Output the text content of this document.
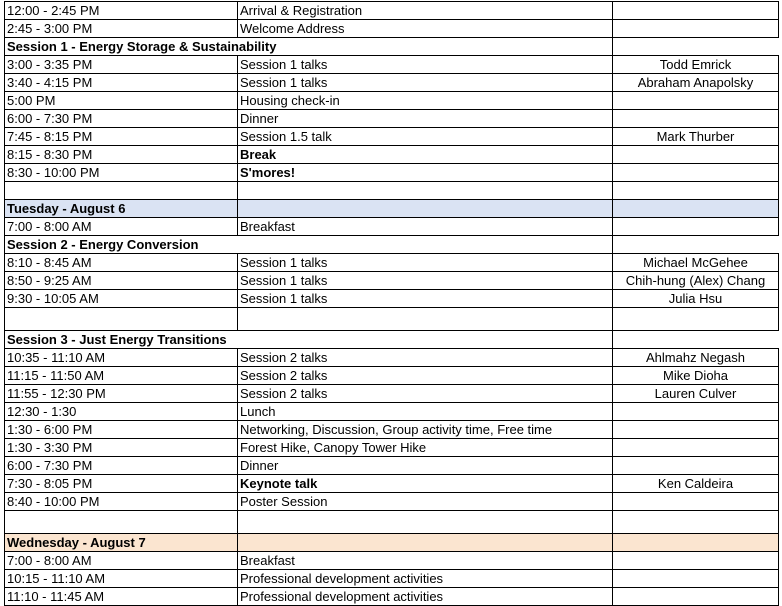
12:00 - 2:45 PM	Arrival & Registration	
2:45 - 3:00 PM	Welcome Address	
Session 1 - Energy Storage & Sustainability		
3:00 - 3:35 PM	Session 1 talks	Todd Emrick
3:40 - 4:15 PM	Session 1 talks	Abraham Anapolsky
5:00 PM	Housing check-in	
6:00 - 7:30 PM	Dinner	
7:45 - 8:15 PM	Session 1.5 talk	Mark Thurber
8:15 - 8:30 PM	Break	
8:30 - 10:00 PM	S'mores!	

Tuesday - August 6		
7:00 - 8:00 AM	Breakfast	
Session 2 - Energy Conversion		
8:10 - 8:45 AM	Session 1 talks	Michael McGehee
8:50 - 9:25 AM	Session 1 talks	Chih-hung (Alex) Chang
9:30 - 10:05 AM	Session 1 talks	Julia Hsu

Session 3 - Just Energy Transitions		
10:35 - 11:10 AM	Session 2 talks	Ahlmahz Negash
11:15 - 11:50 AM	Session 2 talks	Mike Dioha
11:55 - 12:30 PM	Session 2 talks	Lauren Culver
12:30 - 1:30	Lunch	
1:30 - 6:00 PM	Networking, Discussion, Group activity time, Free time	
1:30 - 3:30 PM	Forest Hike, Canopy Tower Hike	
6:00 - 7:30 PM	Dinner	
7:30 - 8:05 PM	Keynote talk	Ken Caldeira
8:40 - 10:00 PM	Poster Session	

Wednesday - August 7		
7:00 - 8:00 AM	Breakfast	
10:15 - 11:10 AM	Professional development activities	
11:10 - 11:45 AM	Professional development activities	
